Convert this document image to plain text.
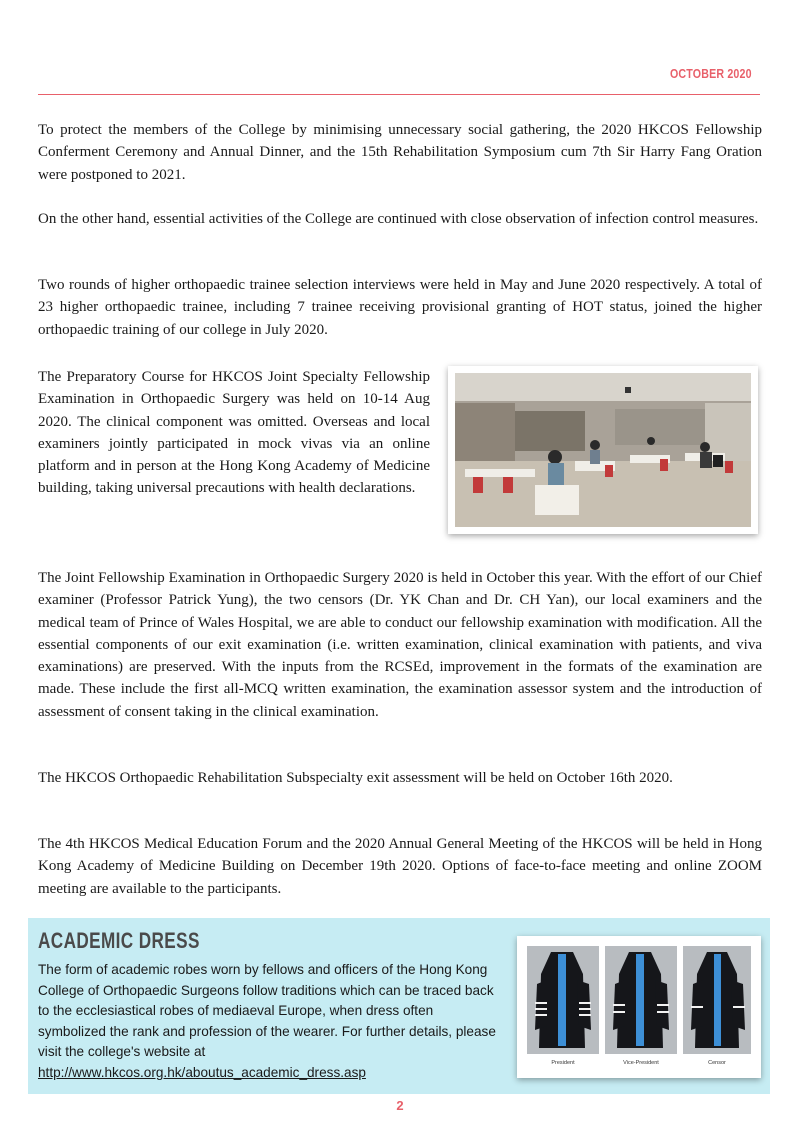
OCTOBER 2020

To protect the members of the College by minimising unnecessary social gathering, the 2020 HKCOS Fellowship Conferment Ceremony and Annual Dinner, and the 15th Rehabilitation Symposium cum 7th Sir Harry Fang Oration were postponed to 2021.

On the other hand, essential activities of the College are continued with close observation of infection control measures.

Two rounds of higher orthopaedic trainee selection interviews were held in May and June 2020 respectively. A total of 23 higher orthopaedic trainee, including 7 trainee receiving provisional granting of HOT status, joined the higher orthopaedic training of our college in July 2020.

The Preparatory Course for HKCOS Joint Specialty Fellowship Examination in Orthopaedic Surgery was held on 10-14 Aug 2020. The clinical component was omitted. Overseas and local examiners jointly participated in mock vivas via an online platform and in person at the Hong Kong Academy of Medicine building, taking universal precautions with health declarations.

The Joint Fellowship Examination in Orthopaedic Surgery 2020 is held in October this year. With the effort of our Chief examiner (Professor Patrick Yung), the two censors (Dr. YK Chan and Dr. CH Yan), our local examiners and the medical team of Prince of Wales Hospital, we are able to conduct our fellowship examination with modification. All the essential components of our exit examination (i.e. written examination, clinical examination with patients, and viva examinations) are preserved. With the inputs from the RCSEd, improvement in the formats of the examination are made. These include the first all-MCQ written examination, the examination assessor system and the introduction of assessment of consent taking in the clinical examination.

The HKCOS Orthopaedic Rehabilitation Subspecialty exit assessment will be held on October 16th 2020.

The 4th HKCOS Medical Education Forum and the 2020 Annual General Meeting of the HKCOS will be held in Hong Kong Academy of Medicine Building on December 19th 2020. Options of face-to-face meeting and online ZOOM meeting are available to the participants.

ACADEMIC DRESS

The form of academic robes worn by fellows and officers of the Hong Kong College of Orthopaedic Surgeons follow traditions which can be traced back to the ecclesiastical robes of mediaeval Europe, when dress often symbolized the rank and profession of the wearer. For further details, please visit the college's website at http://www.hkcos.org.hk/aboutus_academic_dress.asp

President	Vice-President	Censor
2
